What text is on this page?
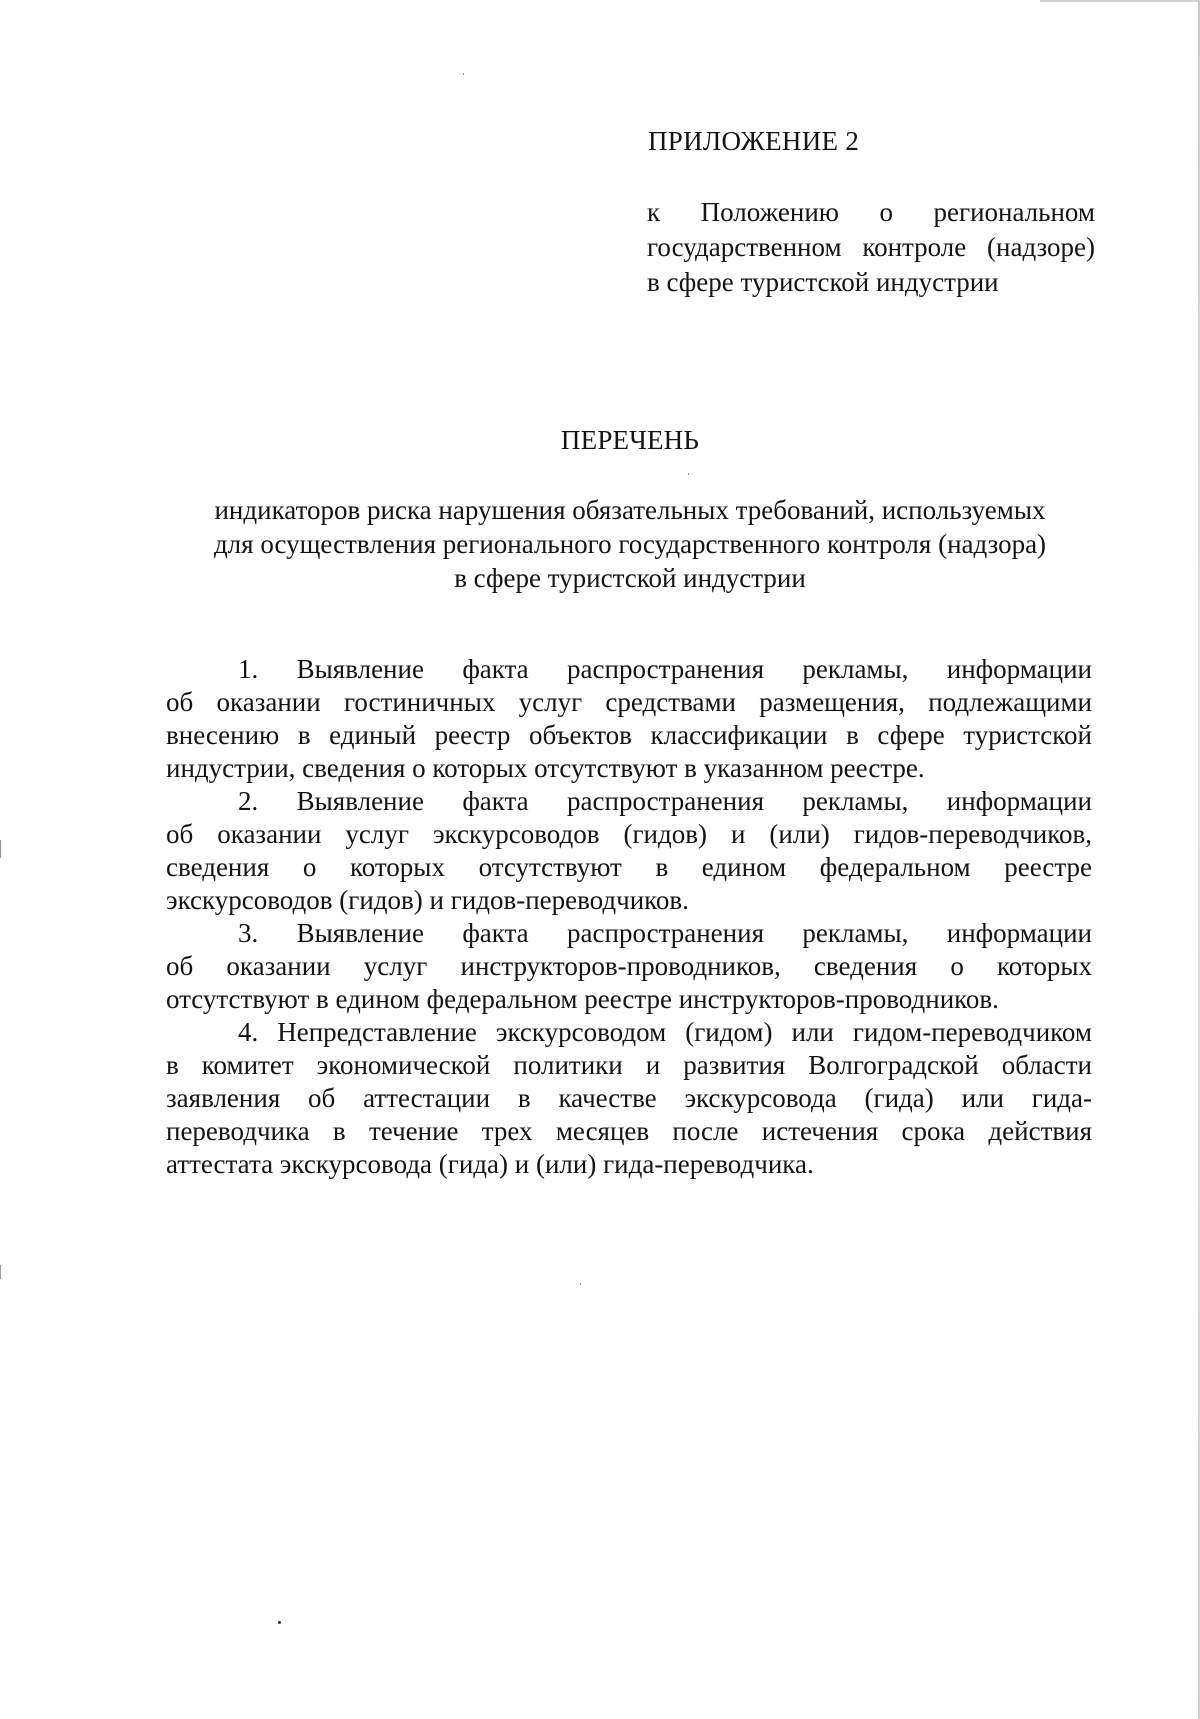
ПРИЛОЖЕНИЕ 2
к Положению о региональном
государственном контроле (надзоре)
в сфере туристской индустрии
ПЕРЕЧЕНЬ
индикаторов риска нарушения обязательных требований, используемых
для осуществления регионального государственного контроля (надзора)
в сфере туристской индустрии
1. Выявление факта распространения рекламы, информации
об оказании гостиничных услуг средствами размещения, подлежащими
внесению в единый реестр объектов классификации в сфере туристской
индустрии, сведения о которых отсутствуют в указанном реестре.
2. Выявление факта распространения рекламы, информации
об оказании услуг экскурсоводов (гидов) и (или) гидов-переводчиков,
сведения о которых отсутствуют в едином федеральном реестре
экскурсоводов (гидов) и гидов-переводчиков.
3. Выявление факта распространения рекламы, информации
об оказании услуг инструкторов-проводников, сведения о которых
отсутствуют в едином федеральном реестре инструкторов-проводников.
4. Непредставление экскурсоводом (гидом) или гидом-переводчиком
в комитет экономической политики и развития Волгоградской области
заявления об аттестации в качестве экскурсовода (гида) или гида-
переводчика в течение трех месяцев после истечения срока действия
аттестата экскурсовода (гида) и (или) гида-переводчика.
